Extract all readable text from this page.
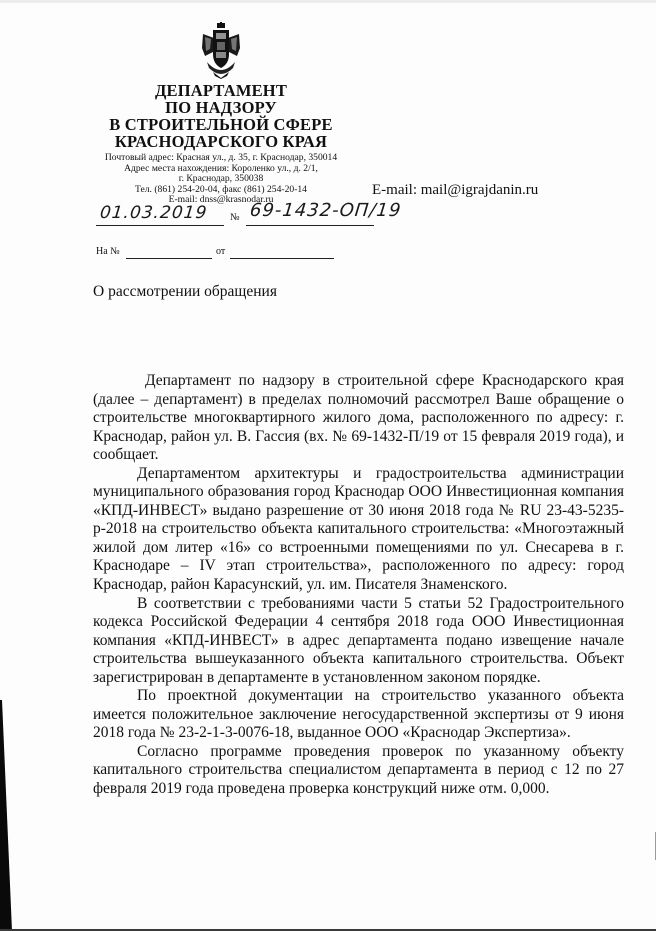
ДЕПАРТАМЕНТ
ПО НАДЗОРУ
В СТРОИТЕЛЬНОЙ СФЕРЕ
КРАСНОДАРСКОГО КРАЯ
Почтовый адрес: Красная ул., д. 35, г. Краснодар, 350014
Адрес места нахождения: Короленко ул., д. 2/1,
г. Краснодар, 350038
Тел. (861) 254-20-04, факс (861) 254-20-14
E-mail: dnss@krasnodar.ru
E-mail: mail@igrajdanin.ru
01.03.2019 № 69-1432-ОП/19
На №	от
О рассмотрении обращения

Департамент по надзору в строительной сфере Краснодарского края (далее – департамент) в пределах полномочий рассмотрел Ваше обращение о строительстве многоквартирного жилого дома, расположенного по адресу: г. Краснодар, район ул. В. Гассия (вх. № 69-1432-П/19 от 15 февраля 2019 года), и сообщает.

Департаментом архитектуры и градостроительства администрации муниципального образования город Краснодар ООО Инвестиционная компания «КПД-ИНВЕСТ» выдано разрешение от 30 июня 2018 года № RU 23-43-5235-р-2018 на строительство объекта капитального строительства: «Многоэтажный жилой дом литер «16» со встроенными помещениями по ул. Снесарева в г. Краснодаре – IV этап строительства», расположенного по адресу: город Краснодар, район Карасунский, ул. им. Писателя Знаменского.

В соответствии с требованиями части 5 статьи 52 Градостроительного кодекса Российской Федерации 4 сентября 2018 года ООО Инвестиционная компания «КПД-ИНВЕСТ» в адрес департамента подано извещение начале строительства вышеуказанного объекта капитального строительства. Объект зарегистрирован в департаменте в установленном законом порядке.

По проектной документации на строительство указанного объекта имеется положительное заключение негосударственной экспертизы от 9 июня 2018 года № 23-2-1-3-0076-18, выданное ООО «Краснодар Экспертиза».

Согласно программе проведения проверок по указанному объекту капитального строительства специалистом департамента в период с 12 по 27 февраля 2019 года проведена проверка конструкций ниже отм. 0,000.
